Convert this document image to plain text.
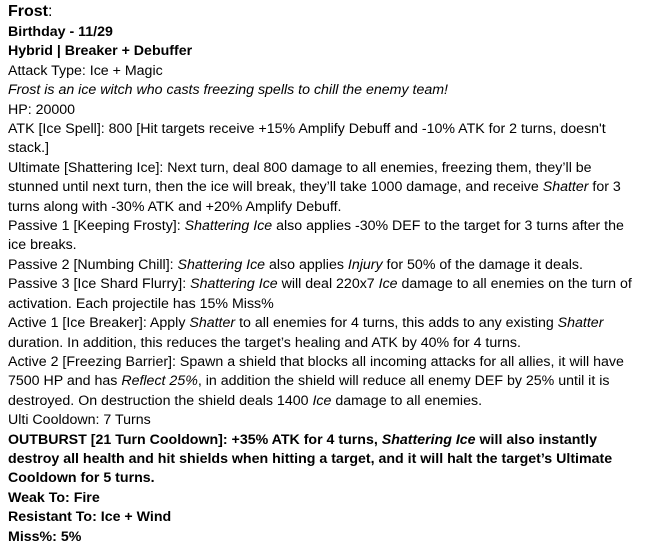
Frost:

Birthday - 11/29

Hybrid | Breaker + Debuffer

Attack Type: Ice + Magic

Frost is an ice witch who casts freezing spells to chill the enemy team!

HP: 20000

ATK [Ice Spell]: 800 [Hit targets receive +15% Amplify Debuff and -10% ATK for 2 turns, doesn't stack.]

Ultimate [Shattering Ice]: Next turn, deal 800 damage to all enemies, freezing them, they’ll be stunned until next turn, then the ice will break, they’ll take 1000 damage, and receive Shatter for 3 turns along with -30% ATK and +20% Amplify Debuff.

Passive 1 [Keeping Frosty]: Shattering Ice also applies -30% DEF to the target for 3 turns after the ice breaks.

Passive 2 [Numbing Chill]: Shattering Ice also applies Injury for 50% of the damage it deals.

Passive 3 [Ice Shard Flurry]: Shattering Ice will deal 220x7 Ice damage to all enemies on the turn of activation. Each projectile has 15% Miss%

Active 1 [Ice Breaker]: Apply Shatter to all enemies for 4 turns, this adds to any existing Shatter duration. In addition, this reduces the target’s healing and ATK by 40% for 4 turns.

Active 2 [Freezing Barrier]: Spawn a shield that blocks all incoming attacks for all allies, it will have 7500 HP and has Reflect 25%, in addition the shield will reduce all enemy DEF by 25% until it is destroyed. On destruction the shield deals 1400 Ice damage to all enemies.

Ulti Cooldown: 7 Turns

OUTBURST [21 Turn Cooldown]: +35% ATK for 4 turns, Shattering Ice will also instantly destroy all health and hit shields when hitting a target, and it will halt the target’s Ultimate Cooldown for 5 turns.

Weak To: Fire

Resistant To: Ice + Wind

Miss%: 5%
